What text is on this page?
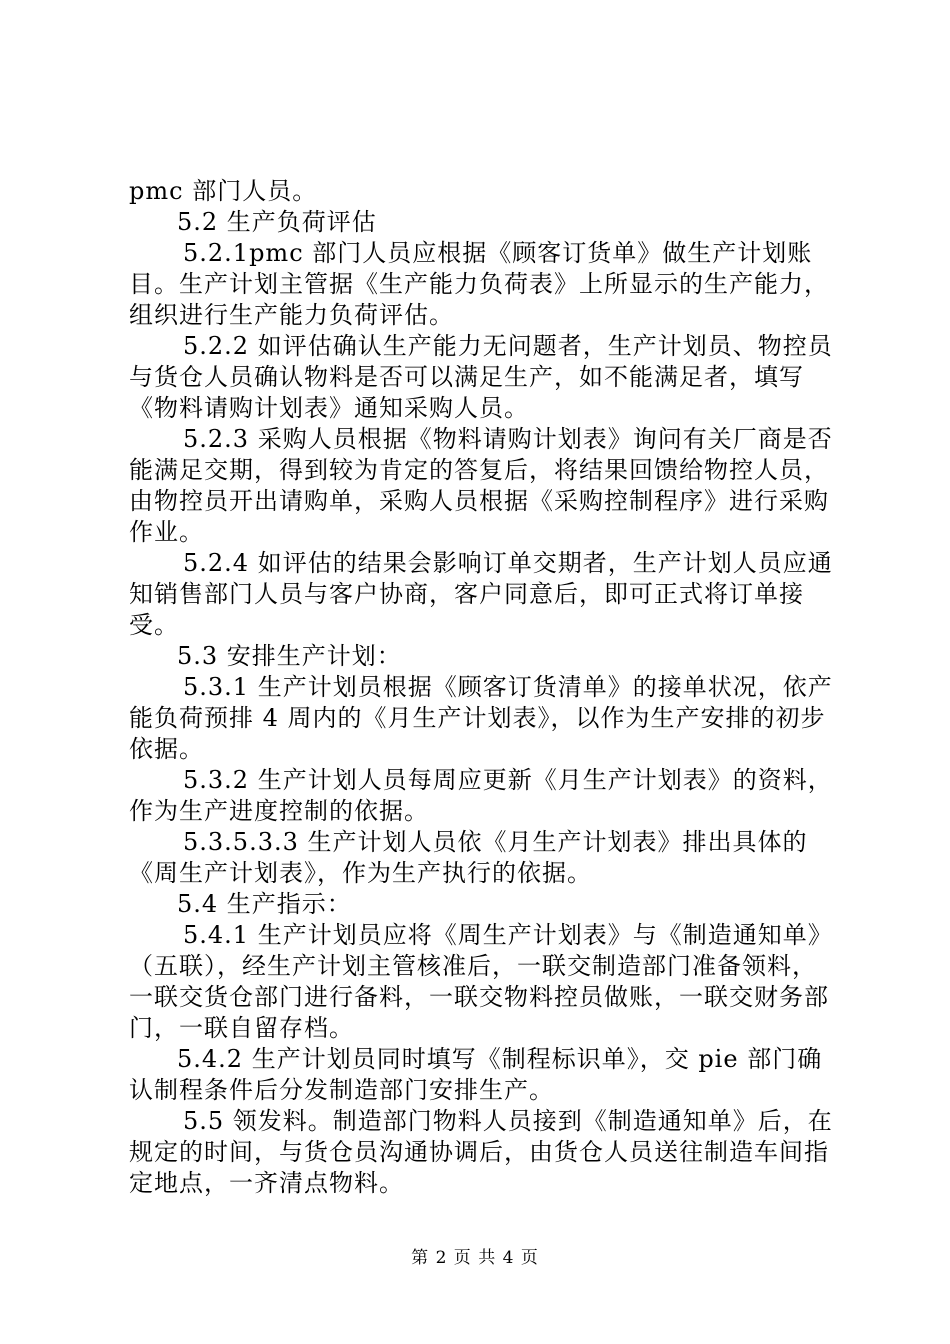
pmc 部门人员。

5.2 生产负荷评估

5.2.1pmc 部门人员应根据《顾客订货单》做生产计划账目。生产计划主管据《生产能力负荷表》上所显示的生产能力，组织进行生产能力负荷评估。

5.2.2 如评估确认生产能力无问题者，生产计划员、物控员与货仓人员确认物料是否可以满足生产，如不能满足者，填写《物料请购计划表》通知采购人员。

5.2.3 采购人员根据《物料请购计划表》询问有关厂商是否能满足交期，得到较为肯定的答复后，将结果回馈给物控人员，由物控员开出请购单，采购人员根据《采购控制程序》进行采购作业。

5.2.4 如评估的结果会影响订单交期者，生产计划人员应通知销售部门人员与客户协商，客户同意后，即可正式将订单接受。

5.3 安排生产计划：

5.3.1 生产计划员根据《顾客订货清单》的接单状况，依产能负荷预排 4 周内的《月生产计划表》，以作为生产安排的初步依据。

5.3.2 生产计划人员每周应更新《月生产计划表》的资料，作为生产进度控制的依据。

5.3.5.3.3 生产计划人员依《月生产计划表》排出具体的《周生产计划表》，作为生产执行的依据。

5.4 生产指示：

5.4.1 生产计划员应将《周生产计划表》与《制造通知单》（五联），经生产计划主管核准后，一联交制造部门准备领料，一联交货仓部门进行备料，一联交物料控员做账，一联交财务部门，一联自留存档。

5.4.2 生产计划员同时填写《制程标识单》，交 pie 部门确认制程条件后分发制造部门安排生产。

5.5 领发料。制造部门物料人员接到《制造通知单》后，在规定的时间，与货仓员沟通协调后，由货仓人员送往制造车间指定地点，一齐清点物料。

第 2 页 共 4 页
